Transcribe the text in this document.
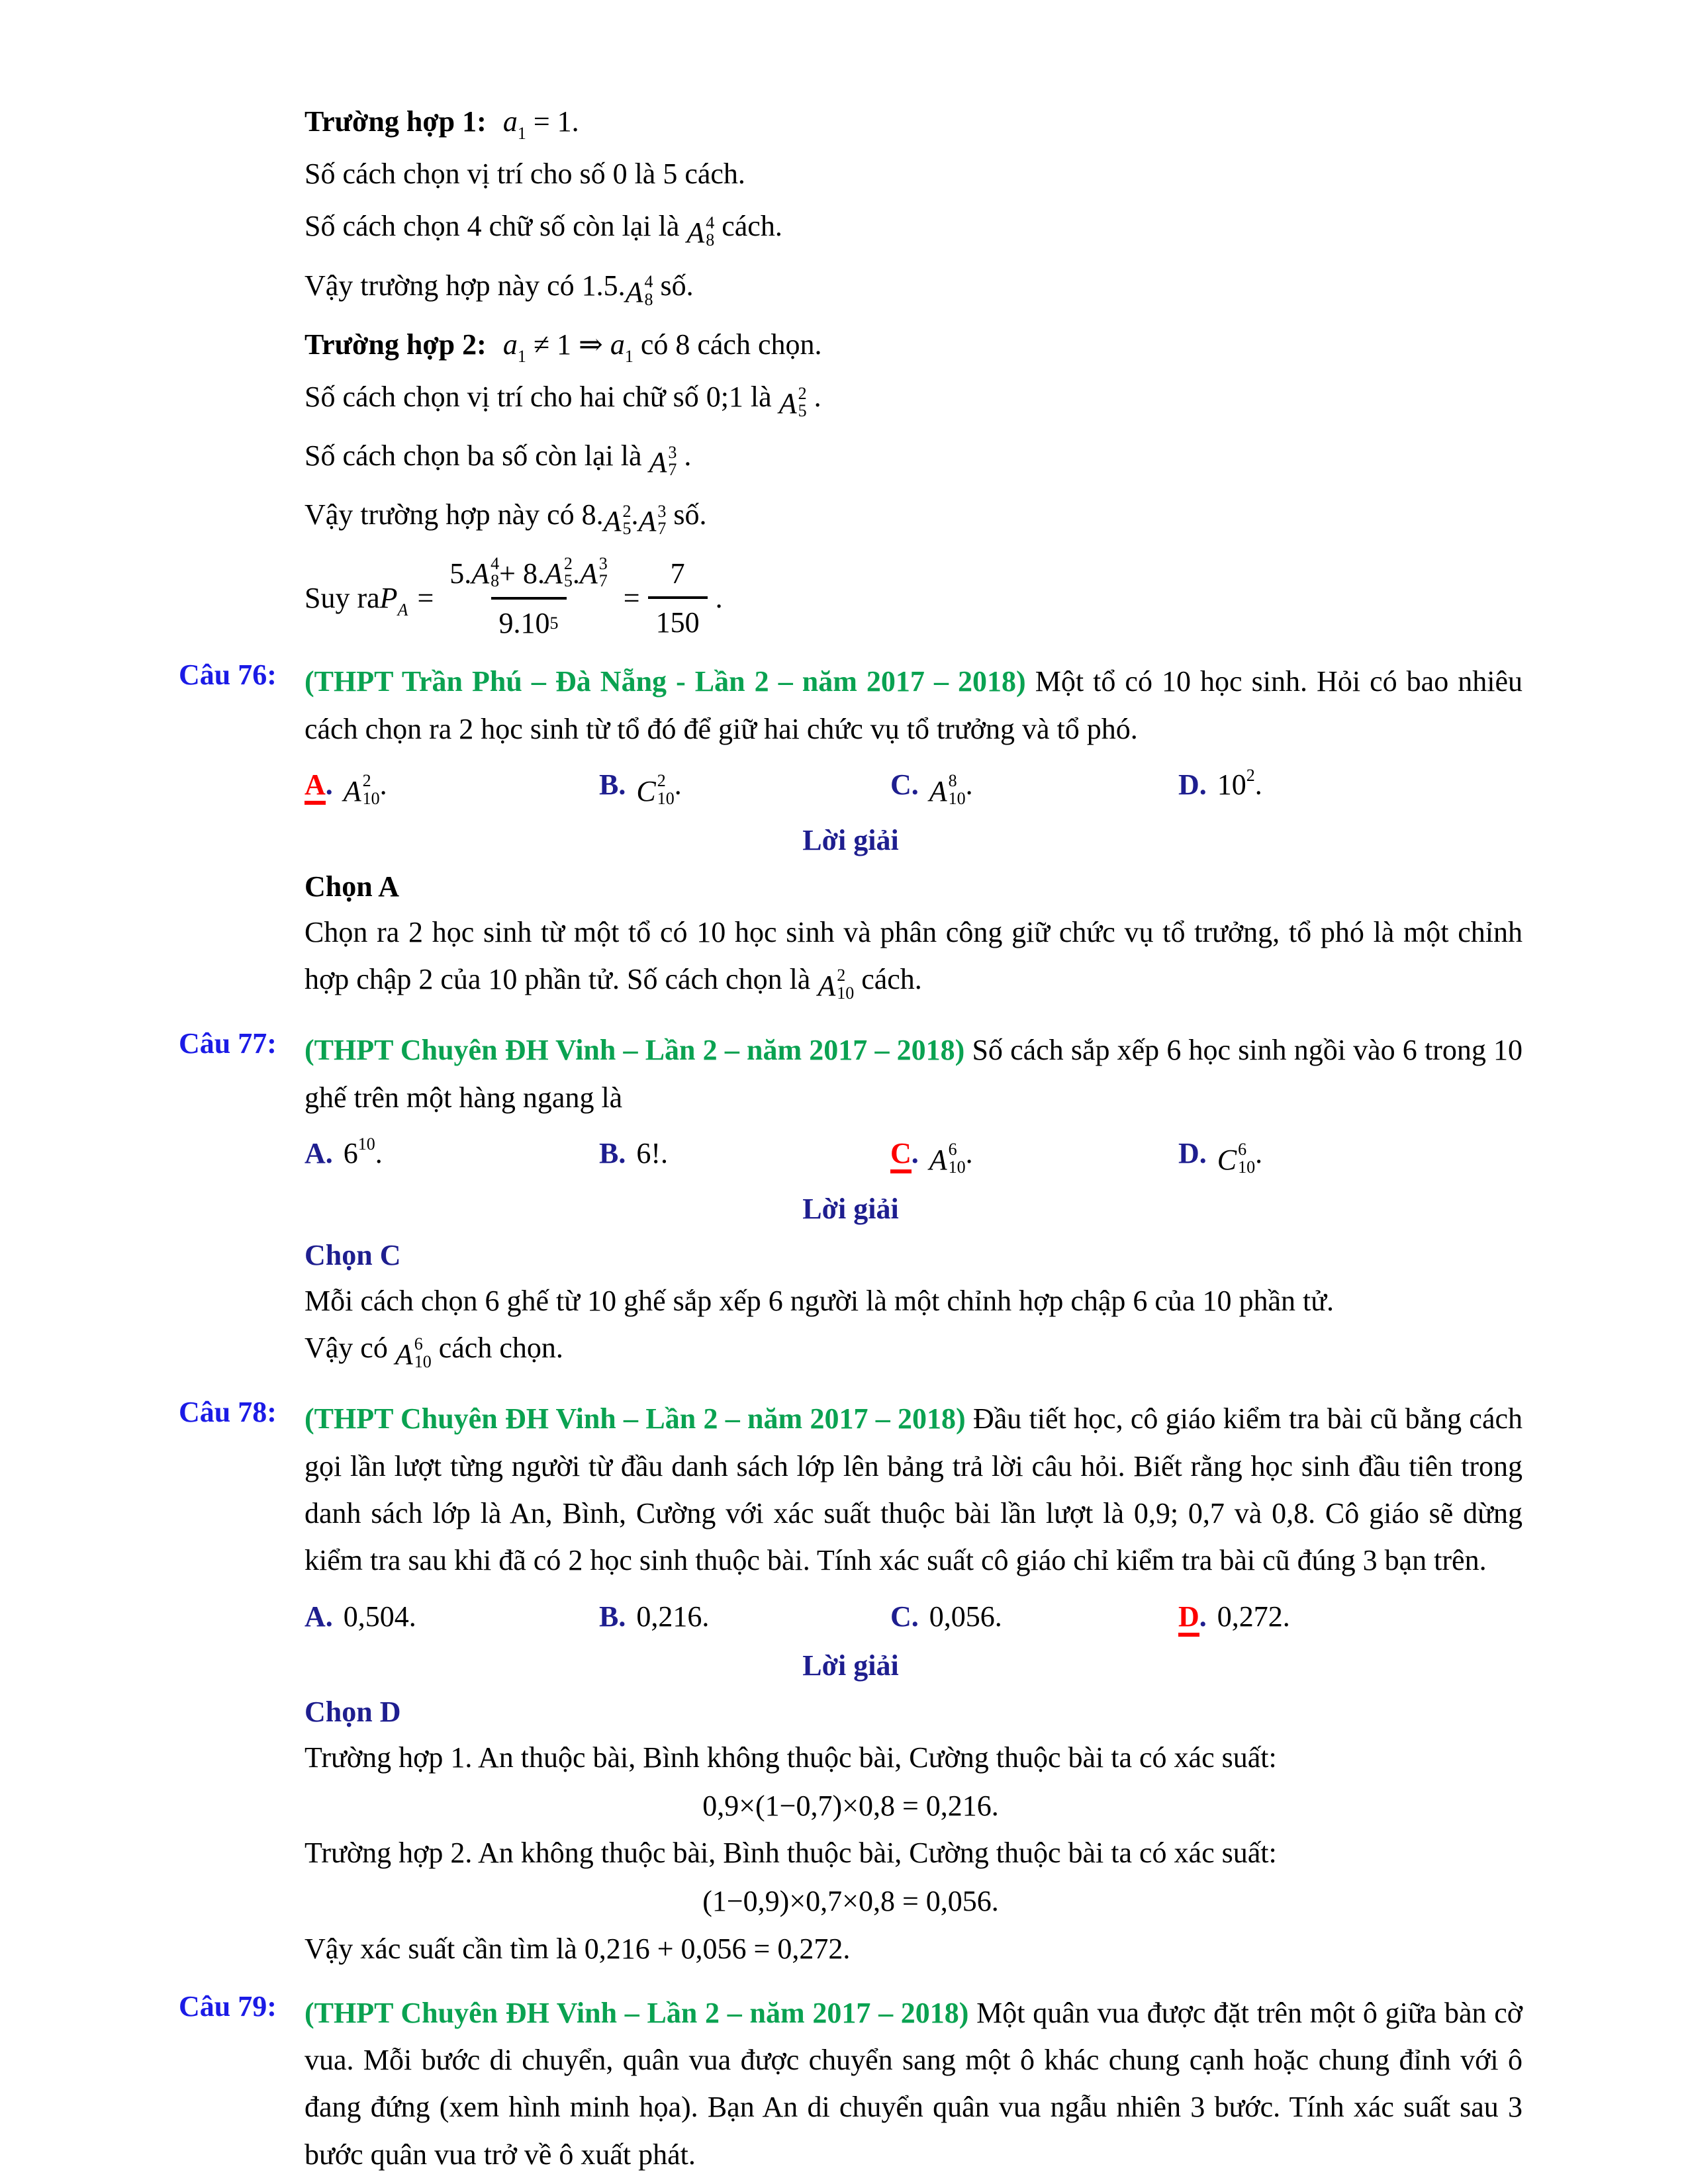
Trường hợp 1: $a_1 = 1$.
Số cách chọn vị trí cho số 0 là 5 cách.
Số cách chọn 4 chữ số còn lại là A 4
8 cách.
Vậy trường hợp này có 1.5. A 4
8 số.
Trường hợp 2: $a_1 \ne 1$ ⇒ $a_1$ có 8 cách chọn.
Số cách chọn vị trí cho hai chữ số 0;1 là A 2
5 .
Số cách chọn ba số còn lại là A 3
7 .
Vậy trường hợp này có 8. A 2
5 . A 3
7 số.
Suy ra $P_A = 5$. A 4
8 + 8. A 2
5 . A 3
7
9.10 $5 = \frac{7}{150}$ .
Câu 76: (THPT Trần Phú – Đà Nẵng - Lần 2 – năm 2017 – 2018) Một tổ có 10 học sinh. Hỏi có bao nhiêu cách chọn ra 2 học sinh từ tổ đó để giữ hai chức vụ tổ trưởng và tổ phó.
A. A 2
10 .	B. C 2
10 .	C. A 8
10 .	D. $10^2$.
Lời giải
Chọn A
Chọn ra 2 học sinh từ một tổ có 10 học sinh và phân công giữ chức vụ tổ trưởng, tổ phó là một chỉnh hợp chập 2 của 10 phần tử. Số cách chọn là A 2
10 cách.
Câu 77: (THPT Chuyên ĐH Vinh – Lần 2 – năm 2017 – 2018) Số cách sắp xếp 6 học sinh ngồi vào 6 trong 10 ghế trên một hàng ngang là
A. $6^{10}$.	B. 6!.	C. A 6
10 .	D. C 6
10 .
Lời giải
Chọn C
Mỗi cách chọn 6 ghế từ 10 ghế sắp xếp 6 người là một chỉnh hợp chập 6 của 10 phần tử.
Vậy có A 6
10 cách chọn.
Câu 78: (THPT Chuyên ĐH Vinh – Lần 2 – năm 2017 – 2018) Đầu tiết học, cô giáo kiểm tra bài cũ bằng cách gọi lần lượt từng người từ đầu danh sách lớp lên bảng trả lời câu hỏi. Biết rằng học sinh đầu tiên trong danh sách lớp là An, Bình, Cường với xác suất thuộc bài lần lượt là 0,9; 0,7 và 0,8. Cô giáo sẽ dừng kiểm tra sau khi đã có 2 học sinh thuộc bài. Tính xác suất cô giáo chỉ kiểm tra bài cũ đúng 3 bạn trên.
A. 0,504.	B. 0,216.	C. 0,056.	D. 0,272.
Lời giải
Chọn D
Trường hợp 1. An thuộc bài, Bình không thuộc bài, Cường thuộc bài ta có xác suất:
0,9×(1−0,7)×0,8 = 0,216.
Trường hợp 2. An không thuộc bài, Bình thuộc bài, Cường thuộc bài ta có xác suất:
(1−0,9)×0,7×0,8 = 0,056.
Vậy xác suất cần tìm là 0,216 + 0,056 = 0,272.
Câu 79: (THPT Chuyên ĐH Vinh – Lần 2 – năm 2017 – 2018) Một quân vua được đặt trên một ô giữa bàn cờ vua. Mỗi bước di chuyển, quân vua được chuyển sang một ô khác chung cạnh hoặc chung đỉnh với ô đang đứng (xem hình minh họa). Bạn An di chuyển quân vua ngẫu nhiên 3 bước. Tính xác suất sau 3 bước quân vua trở về ô xuất phát.
